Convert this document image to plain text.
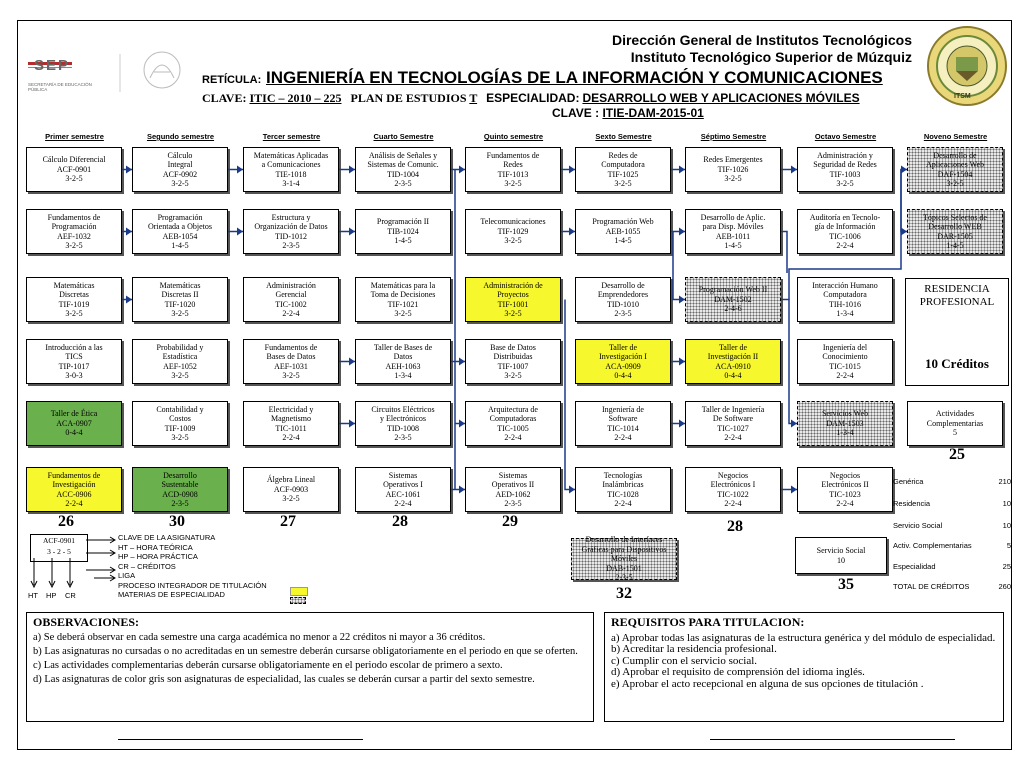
SEP
SECRETARÍA DE EDUCACIÓN PÚBLICA
Dirección General de Institutos Tecnológicos
Instituto Tecnológico Superior de Múzquiz
RETÍCULA: INGENIERÍA EN TECNOLOGÍAS DE LA INFORMACIÓN Y COMUNICACIONES
CLAVE: ITIC – 2010 – 225 PLAN DE ESTUDIOS T ESPECIALIDAD: DESARROLLO WEB Y APLICACIONES MÓVILES
CLAVE : ITIE-DAM-2015-01
ITSM
Primer semestre	Segundo semestre	Tercer semestre	Cuarto Semestre	Quinto semestre	Sexto Semestre	Séptimo Semestre	Octavo Semestre	Noveno Semestre
Cálculo Diferencial
ACF-0901
3-2-5
Cálculo
Integral
ACF-0902
3-2-5
Matemáticas Aplicadas
a Comunicaciones
TIE-1018
3-1-4
Análisis de Señales y
Sistemas de Comunic.
TID-1004
2-3-5
Fundamentos de
Redes
TIF-1013
3-2-5
Redes de
Computadora
TIF-1025
3-2-5
Redes Emergentes
TIF-1026
3-2-5
Administración y
Seguridad de Redes
TIF-1003
3-2-5
Desarrollo de
Aplicaciones Web
DAF-1504
3-2-5
Fundamentos de
Programación
AEF-1032
3-2-5
Programación
Orientada a Objetos
AEB-1054
1-4-5
Estructura y
Organización de Datos
TID-1012
2-3-5
Programación II
TIB-1024
1-4-5
Telecomunicaciones
TIF-1029
3-2-5
Programación Web
AEB-1055
1-4-5
Desarrollo de Aplic.
para Disp. Móviles
AEB-1011
1-4-5
Auditoría en Tecnolo-
gía de Información
TIC-1006
2-2-4
Tópicos Selectos de
Desarrollo WEB
DAR-1505
1-4-5
Matemáticas
Discretas
TIF-1019
3-2-5
Matemáticas
Discretas II
TIF-1020
3-2-5
Administración
Gerencial
TIC-1002
2-2-4
Matemáticas para la
Toma de Decisiones
TIF-1021
3-2-5
Administración de
Proyectos
TIF-1001
3-2-5
Desarrollo de
Emprendedores
TID-1010
2-3-5
Programación Web II
DAM-1502
2-4-6
Interacción Humano
Computadora
TIH-1016
1-3-4
Introducción a las
TICS
TIP-1017
3-0-3
Probabilidad y
Estadística
AEF-1052
3-2-5
Fundamentos de
Bases de Datos
AEF-1031
3-2-5
Taller de Bases de
Datos
AEH-1063
1-3-4
Base de Datos
Distribuidas
TIF-1007
3-2-5
Taller de
Investigación I
ACA-0909
0-4-4
Taller de
Investigación II
ACA-0910
0-4-4
Ingeniería del
Conocimiento
TIC-1015
2-2-4
Taller de Ética
ACA-0907
0-4-4
Contabilidad y
Costos
TIF-1009
3-2-5
Electricidad y
Magnetismo
TIC-1011
2-2-4
Circuitos Eléctricos
y Electrónicos
TID-1008
2-3-5
Arquitectura de
Computadoras
TIC-1005
2-2-4
Ingeniería de
Software
TIC-1014
2-2-4
Taller de Ingeniería
De Software
TIC-1027
2-2-4
Servicios Web
DAM-1503
1-3-4
Actividades
Complementarias
5
Fundamentos de
Investigación
ACC-0906
2-2-4
Desarrollo
Sustentable
ACD-0908
2-3-5
Álgebra Lineal
ACF-0903
3-2-5
Sistemas
Operativos I
AEC-1061
2-2-4
Sistemas
Operativos II
AED-1062
2-3-5
Tecnologías
Inalámbricas
TIC-1028
2-2-4
Negocios
Electrónicos I
TIC-1022
2-2-4
Negocios
Electrónicos II
TIC-1023
2-2-4
Desarrollo de Interfaces
Gráficas para Dispositivos
Móviles
DAB-1501
2-3-5
Servicio Social
10
RESIDENCIA
PROFESIONAL
10 Créditos
26	30	27	28	29
32
28
35
25
Genérica	210
Residencia	10
Servicio Social	10
Activ. Complementarias	5
Especialidad	25
TOTAL DE CRÉDITOS	260
ACF-0901
3 - 2 - 5
HT HP CR
CLAVE DE LA ASIGNATURA
HT – HORA TEÓRICA
HP – HORA PRÁCTICA
CR – CRÉDITOS
LIGA
PROCESO INTEGRADOR DE TITULACIÓN
MATERIAS DE ESPECIALIDAD
OBSERVACIONES:

a) Se deberá observar en cada semestre una carga académica no menor a 22 créditos ni mayor a 36 créditos.

b) Las asignaturas no cursadas o no acreditadas en un semestre deberán cursarse obligatoriamente en el periodo en que se oferten.

c) Las actividades complementarias deberán cursarse obligatoriamente en el periodo escolar de primero a sexto.

d) Las asignaturas de color gris son asignaturas de especialidad, las cuales se deberán cursar a partir del sexto semestre.

REQUISITOS PARA TITULACION:

a) Aprobar todas las asignaturas de la estructura genérica y del módulo de especialidad.

b) Acreditar la residencia profesional.

c) Cumplir con el servicio social.

d) Aprobar el requisito de comprensión del idioma inglés.

e) Aprobar el acto recepcional en alguna de sus opciones de titulación .
